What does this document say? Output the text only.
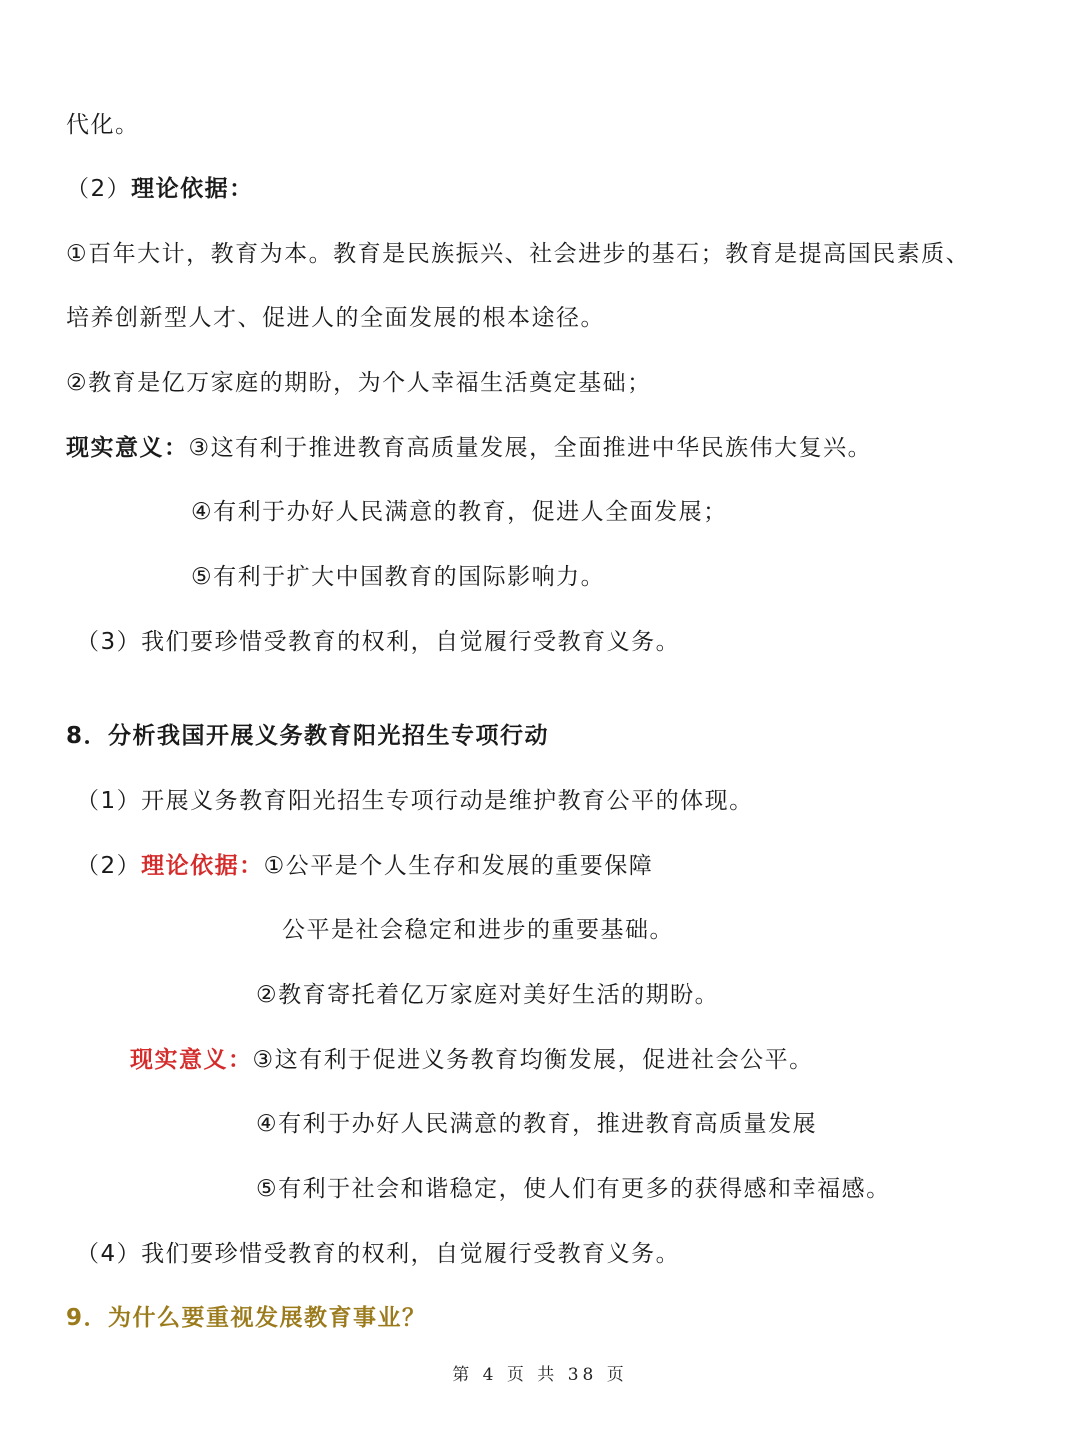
代化。
（2）理论依据：
①百年大计，教育为本。教育是民族振兴、社会进步的基石；教育是提高国民素质、
培养创新型人才、促进人的全面发展的根本途径。
②教育是亿万家庭的期盼，为个人幸福生活奠定基础；
现实意义：③这有利于推进教育高质量发展，全面推进中华民族伟大复兴。
④有利于办好人民满意的教育，促进人全面发展；
⑤有利于扩大中国教育的国际影响力。
（3）我们要珍惜受教育的权利，自觉履行受教育义务。
8．分析我国开展义务教育阳光招生专项行动
（1）开展义务教育阳光招生专项行动是维护教育公平的体现。
（2）理论依据：①公平是个人生存和发展的重要保障
公平是社会稳定和进步的重要基础。
②教育寄托着亿万家庭对美好生活的期盼。
现实意义：③这有利于促进义务教育均衡发展，促进社会公平。
④有利于办好人民满意的教育，推进教育高质量发展
⑤有利于社会和谐稳定，使人们有更多的获得感和幸福感。
（4）我们要珍惜受教育的权利，自觉履行受教育义务。
9．为什么要重视发展教育事业？
第 4 页 共 38 页
